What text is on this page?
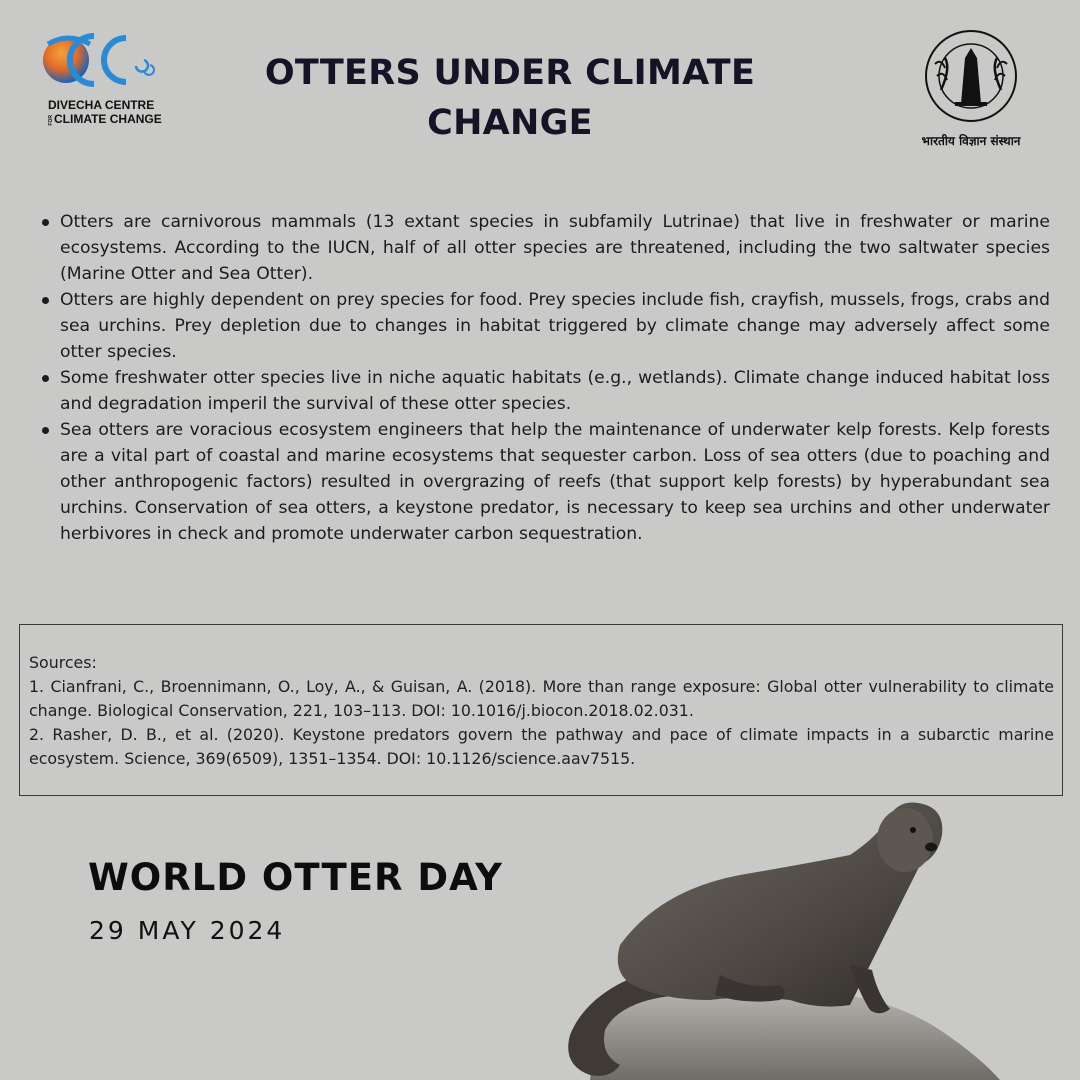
DIVECHA CENTRE
FORCLIMATE CHANGE
OTTERS UNDER CLIMATE CHANGE	भारतीय विज्ञान संस्थान
Otters are carnivorous mammals (13 extant species in subfamily Lutrinae) that live in freshwater or marine ecosystems. According to the IUCN, half of all otter species are threatened, including the two saltwater species (Marine Otter and Sea Otter).
Otters are highly dependent on prey species for food. Prey species include fish, crayfish, mussels, frogs, crabs and sea urchins. Prey depletion due to changes in habitat triggered by climate change may adversely affect some otter species.
Some freshwater otter species live in niche aquatic habitats (e.g., wetlands). Climate change induced habitat loss and degradation imperil the survival of these otter species.
Sea otters are voracious ecosystem engineers that help the maintenance of underwater kelp forests. Kelp forests are a vital part of coastal and marine ecosystems that sequester carbon. Loss of sea otters (due to poaching and other anthropogenic factors) resulted in overgrazing of reefs (that support kelp forests) by hyperabundant sea urchins. Conservation of sea otters, a keystone predator, is necessary to keep sea urchins and other underwater herbivores in check and promote underwater carbon sequestration.

Sources:

1. Cianfrani, C., Broennimann, O., Loy, A., & Guisan, A. (2018). More than range exposure: Global otter vulnerability to climate change. Biological Conservation, 221, 103–113. DOI: 10.1016/j.biocon.2018.02.031.

2. Rasher, D. B., et al. (2020). Keystone predators govern the pathway and pace of climate impacts in a subarctic marine ecosystem. Science, 369(6509), 1351–1354. DOI: 10.1126/science.aav7515.

WORLD OTTER DAY
29 MAY 2024
